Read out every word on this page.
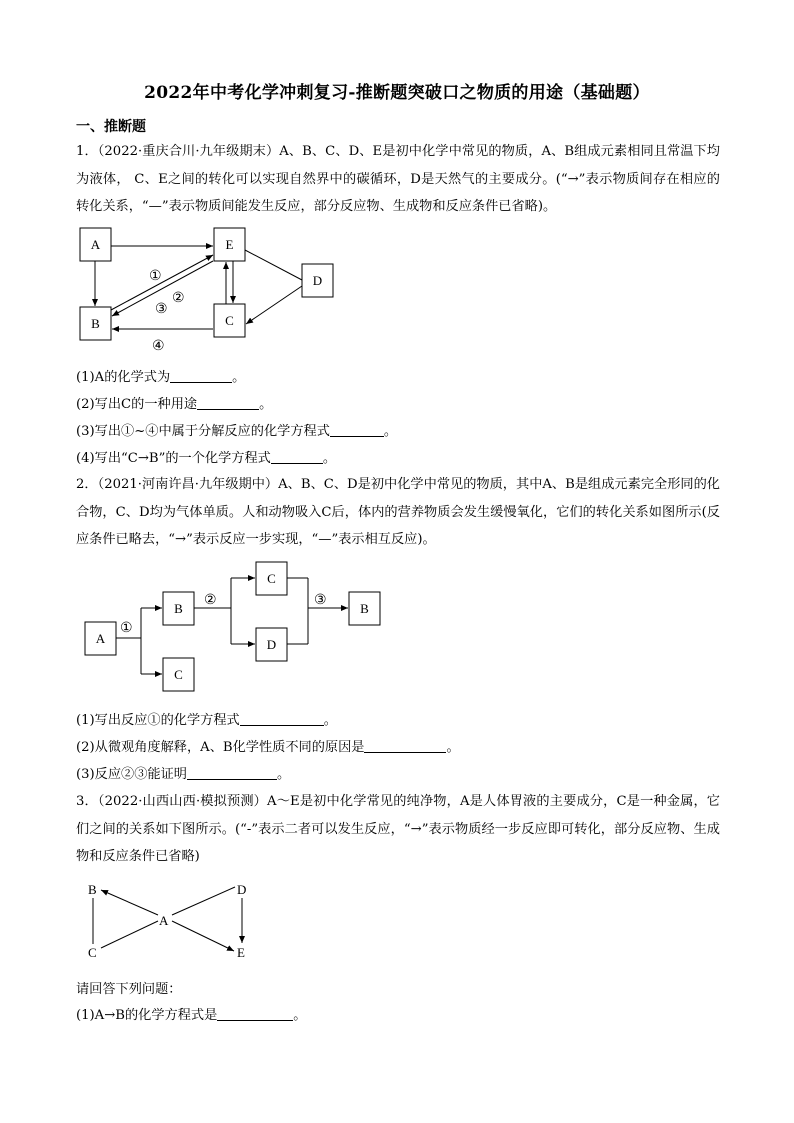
2022年中考化学冲刺复习-推断题突破口之物质的用途（基础题）
一、推断题
1．（2022·重庆合川·九年级期末）A、B、C、D、E是初中化学中常见的物质，A、B组成元素相同且常温下均为液体， C、E之间的转化可以实现自然界中的碳循环，D是天然气的主要成分。(“→”表示物质间存在相应的转化关系，“—”表示物质间能发生反应，部分反应物、生成物和反应条件已省略)。
A	E
D
B	C
①
②
③
④
(1)A的化学式为	。
(2)写出C的一种用途	。
(3)写出①~④中属于分解反应的化学方程式	。
(4)写出“C→B”的一个化学方程式	。
2．（2021·河南许昌·九年级期中）A、B、C、D是初中化学中常见的物质，其中A、B是组成元素完全形同的化合物，C、D均为气体单质。人和动物吸入C后，体内的营养物质会发生缓慢氧化，它们的转化关系如图所示(反应条件已略去，“→”表示反应一步实现，“—”表示相互反应)。
A
B
C
C
D
B
①
②	③
(1)写出反应①的化学方程式	。
(2)从微观角度解释，A、B化学性质不同的原因是	。
(3)反应②③能证明	。
3．（2022·山西山西·模拟预测）A～E是初中化学常见的纯净物，A是人体胃液的主要成分，C是一种金属，它们之间的关系如下图所示。(“-”表示二者可以发生反应，“→”表示物质经一步反应即可转化，部分反应物、生成物和反应条件已省略)
B	D
A
C	E
请回答下列问题：
(1)A→B的化学方程式是	。
